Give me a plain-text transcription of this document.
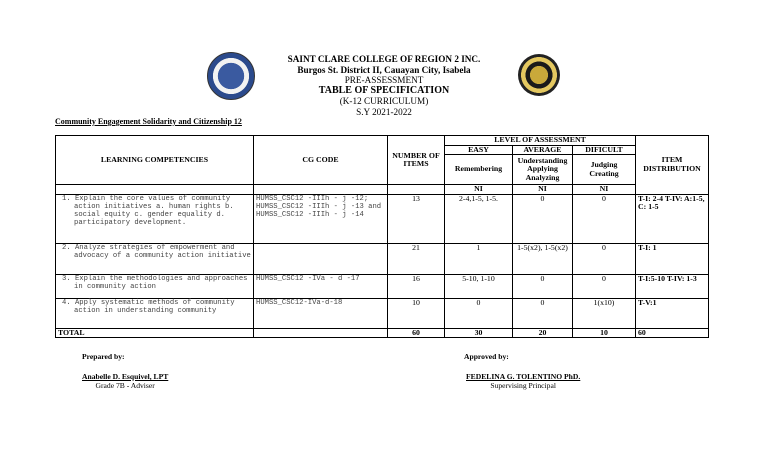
SAINT CLARE COLLEGE OF REGION 2 INC.
Burgos St. District II, Cauayan City, Isabela
PRE-ASSESSMENT
TABLE OF SPECIFICATION
(K-12 CURRICULUM)
S.Y 2021-2022
Community Engagement Solidarity and Citizenship 12
LEARNING COMPETENCIES	CG CODE	NUMBER OF ITEMS	LEVEL OF ASSESSMENT			ITEM DISTRIBUTION
			EASY	AVERAGE	DIFICULT	
			Remembering	Understanding Applying Analyzing	Judging Creating	
			NI	NI	NI	
1. Explain the core values of community action initiatives a. human rights b. social equity c. gender equality d. participatory development.	HUMSS_CSC12 -IIIh - j -12; HUMSS_CSC12 -IIIh - j -13 and HUMSS_CSC12 -IIIh - j -14	13	2-4,1-5, 1-5.	0	0	T-I: 2-4 T-IV: A:1-5, C: 1-5
2. Analyze strategies of empowerment and advocacy of a community action initiative		21	1	1-5(x2), 1-5(x2)	0	T-I: 1
3. Explain the methodologies and approaches in community action	HUMSS_CSC12 -IVa - d -17	16	5-10, 1-10	0	0	T-I:5-10 T-IV: 1-3
4. Apply systematic methods of community action in understanding community	HUMSS_CSC12-IVa-d-18	10	0	0	1(x10)	T-V:1
TOTAL		60	30	20	10	60
Prepared by:
Anabelle D. Esquivel, LPT
Grade 7B - Adviser
Approved by:
FEDELINA G. TOLENTINO PhD.
Supervising Principal
